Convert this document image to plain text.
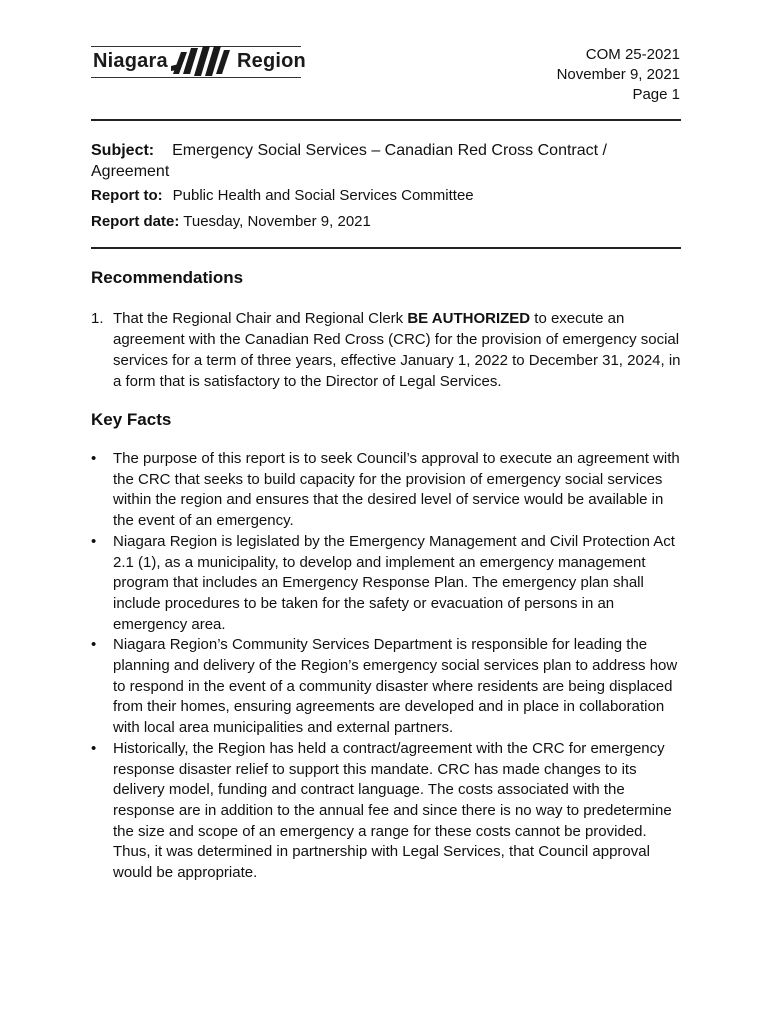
Niagara	Region	COM 25-2021
November 9, 2021
Page 1
Subject: Emergency Social Services – Canadian Red Cross Contract /
Agreement
Report to: Public Health and Social Services Committee
Report date: Tuesday, November 9, 2021
Recommendations
1. That the Regional Chair and Regional Clerk BE AUTHORIZED to execute an agreement with the Canadian Red Cross (CRC) for the provision of emergency social services for a term of three years, effective January 1, 2022 to December 31, 2024, in a form that is satisfactory to the Director of Legal Services.
Key Facts
• The purpose of this report is to seek Council’s approval to execute an agreement with the CRC that seeks to build capacity for the provision of emergency social services within the region and ensures that the desired level of service would be available in the event of an emergency.
• Niagara Region is legislated by the Emergency Management and Civil Protection Act 2.1 (1), as a municipality, to develop and implement an emergency management program that includes an Emergency Response Plan. The emergency plan shall include procedures to be taken for the safety or evacuation of persons in an emergency area.
• Niagara Region’s Community Services Department is responsible for leading the planning and delivery of the Region’s emergency social services plan to address how to respond in the event of a community disaster where residents are being displaced from their homes, ensuring agreements are developed and in place in collaboration with local area municipalities and external partners.
• Historically, the Region has held a contract/agreement with the CRC for emergency response disaster relief to support this mandate. CRC has made changes to its delivery model, funding and contract language. The costs associated with the response are in addition to the annual fee and since there is no way to predetermine the size and scope of an emergency a range for these costs cannot be provided. Thus, it was determined in partnership with Legal Services, that Council approval would be appropriate.
